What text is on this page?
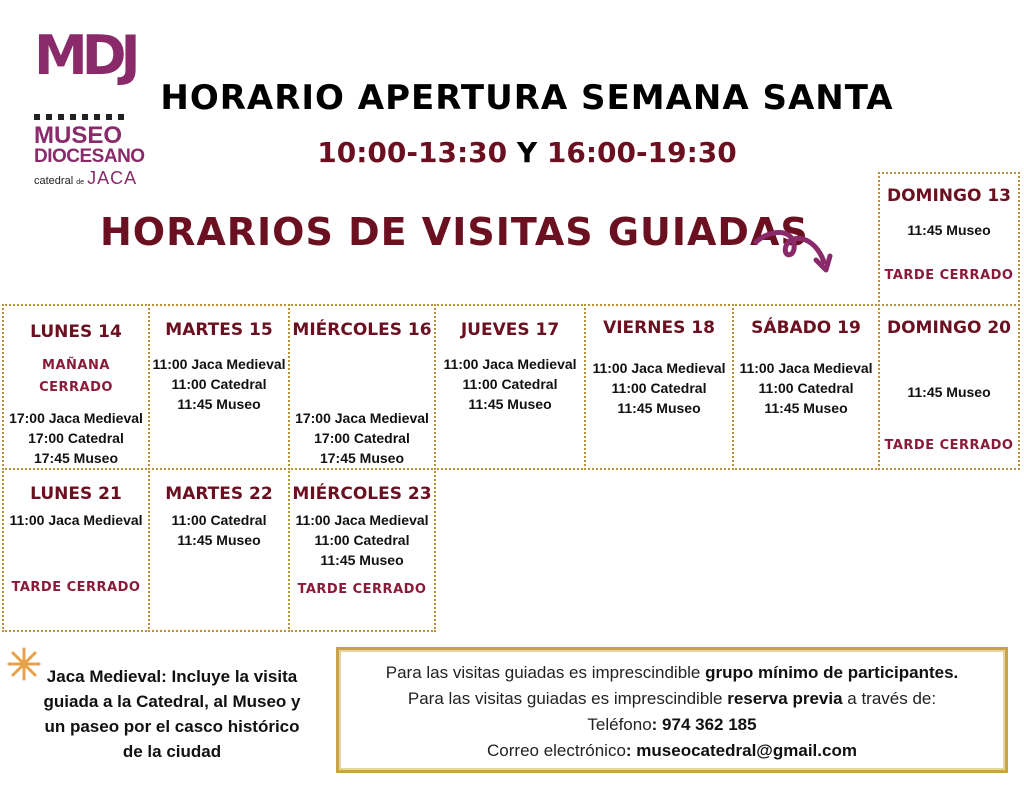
MDJ
MUSEO
DIOCESANO
catedral de JACA
HORARIO APERTURA SEMANA SANTA
10:00-13:30 Y 16:00-19:30
HORARIOS DE VISITAS GUIADAS
DOMINGO 13
11:45 Museo
TARDE CERRADO
LUNES 14
MAÑANA
CERRADO
17:00 Jaca Medieval
17:00 Catedral
17:45 Museo
MARTES 15
11:00 Jaca Medieval
11:00 Catedral
11:45 Museo
MIÉRCOLES 16
17:00 Jaca Medieval
17:00 Catedral
17:45 Museo
JUEVES 17
11:00 Jaca Medieval
11:00 Catedral
11:45 Museo
VIERNES 18
11:00 Jaca Medieval
11:00 Catedral
11:45 Museo
SÁBADO 19
11:00 Jaca Medieval
11:00 Catedral
11:45 Museo
DOMINGO 20
11:45 Museo
TARDE CERRADO
LUNES 21
11:00 Jaca Medieval
TARDE CERRADO
MARTES 22
11:00 Catedral
11:45 Museo
MIÉRCOLES 23
11:00 Jaca Medieval
11:00 Catedral
11:45 Museo
TARDE CERRADO
Jaca Medieval: Incluye la visita
guiada a la Catedral, al Museo y
un paseo por el casco histórico
de la ciudad
Para las visitas guiadas es imprescindible grupo mínimo de participantes.
Para las visitas guiadas es imprescindible reserva previa a través de:
Teléfono: 974 362 185
Correo electrónico: museocatedral@gmail.com
